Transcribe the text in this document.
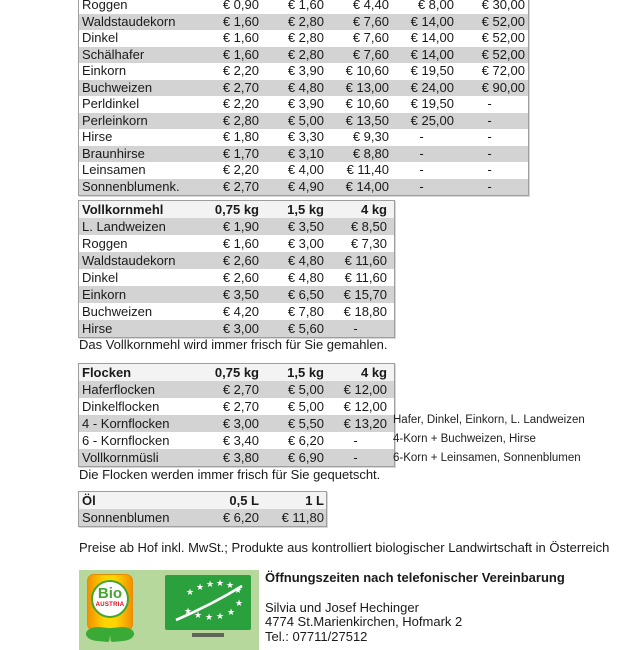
Roggen	€ 0,90	€ 1,60	€ 4,40	€ 8,00	€ 30,00
Waldstaudekorn	€ 1,60	€ 2,80	€ 7,60	€ 14,00	€ 52,00
Dinkel	€ 1,60	€ 2,80	€ 7,60	€ 14,00	€ 52,00
Schälhafer	€ 1,60	€ 2,80	€ 7,60	€ 14,00	€ 52,00
Einkorn	€ 2,20	€ 3,90	€ 10,60	€ 19,50	€ 72,00
Buchweizen	€ 2,70	€ 4,80	€ 13,00	€ 24,00	€ 90,00
Perldinkel	€ 2,20	€ 3,90	€ 10,60	€ 19,50	-
Perleinkorn	€ 2,80	€ 5,00	€ 13,50	€ 25,00	-
Hirse	€ 1,80	€ 3,30	€ 9,30	-	-
Braunhirse	€ 1,70	€ 3,10	€ 8,80	-	-
Leinsamen	€ 2,20	€ 4,00	€ 11,40	-	-
Sonnenblumenk.	€ 2,70	€ 4,90	€ 14,00	-	-
Vollkornmehl	0,75 kg	1,5 kg	4 kg
L. Landweizen	€ 1,90	€ 3,50	€ 8,50
Roggen	€ 1,60	€ 3,00	€ 7,30
Waldstaudekorn	€ 2,60	€ 4,80	€ 11,60
Dinkel	€ 2,60	€ 4,80	€ 11,60
Einkorn	€ 3,50	€ 6,50	€ 15,70
Buchweizen	€ 4,20	€ 7,80	€ 18,80
Hirse	€ 3,00	€ 5,60	-
Das Vollkornmehl wird immer frisch für Sie gemahlen.
Flocken	0,75 kg	1,5 kg	4 kg
Haferflocken	€ 2,70	€ 5,00	€ 12,00
Dinkelflocken	€ 2,70	€ 5,00	€ 12,00
4 - Kornflocken	€ 3,00	€ 5,50	€ 13,20
6 - Kornflocken	€ 3,40	€ 6,20	-
Vollkornmüsli	€ 3,80	€ 6,90	-
Hafer, Dinkel, Einkorn, L. Landweizen
4-Korn + Buchweizen, Hirse
6-Korn + Leinsamen, Sonnenblumen
Die Flocken werden immer frisch für Sie gequetscht.
Öl	0,5 L	1 L
Sonnenblumen	€ 6,20	€ 11,80
Preise ab Hof inkl. MwSt.; Produkte aus kontrolliert biologischer Landwirtschaft in Österreich
Bio
AUSTRIA
★ ★ ★ ★ ★ ★
★ ★ ★ ★ ★
★
Öffnungszeiten nach telefonischer Vereinbarung
Silvia und Josef Hechinger
4774 St.Marienkirchen, Hofmark 2
Tel.: 07711/27512
